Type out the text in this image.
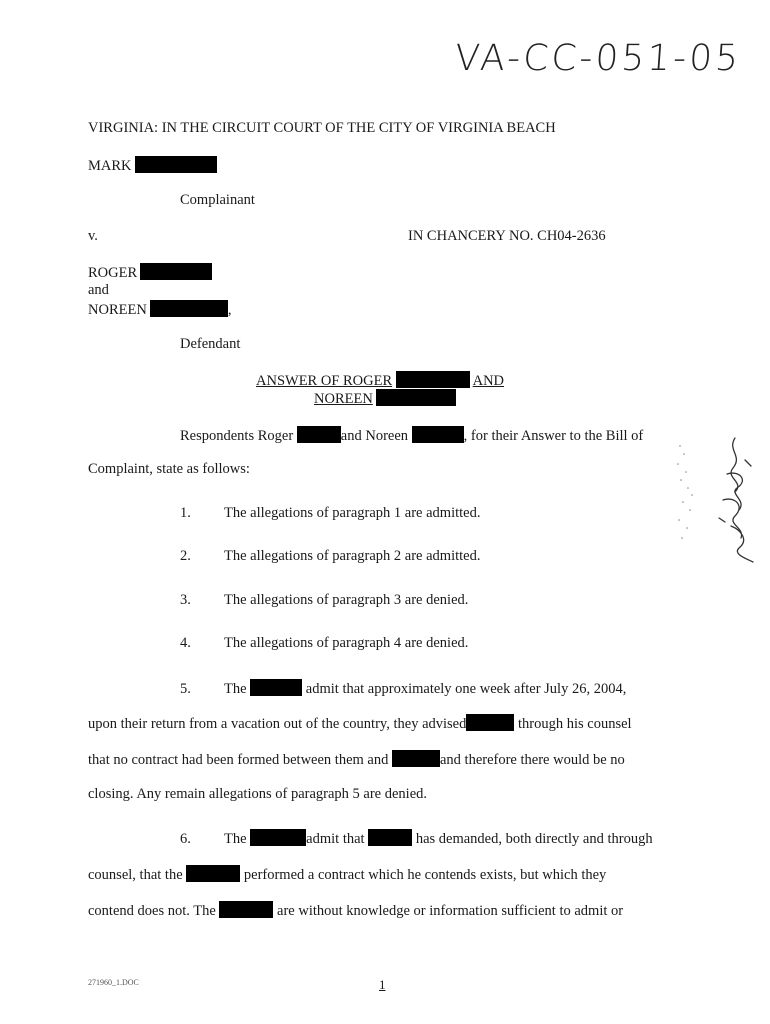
VA-CC-051-05
VIRGINIA: IN THE CIRCUIT COURT OF THE CITY OF VIRGINIA BEACH
MARK
Complainant
v.	IN CHANCERY NO. CH04-2636
ROGER
and
NOREEN	,
Defendant
ANSWER OF ROGER	AND
NOREEN
Respondents Roger	and Noreen	, for their Answer to the Bill of
Complaint, state as follows:
1. The allegations of paragraph 1 are admitted.
2. The allegations of paragraph 2 are admitted.
3. The allegations of paragraph 3 are denied.
4. The allegations of paragraph 4 are denied.
5. The	admit that approximately one week after July 26, 2004,
upon their return from a vacation out of the country, they advised	through his counsel
that no contract had been formed between them and	and therefore there would be no
closing. Any remain allegations of paragraph 5 are denied.
6. The	admit that	has demanded, both directly and through
counsel, that the	performed a contract which he contends exists, but which they
contend does not. The	are without knowledge or information sufficient to admit or
271960_1.DOC	1
